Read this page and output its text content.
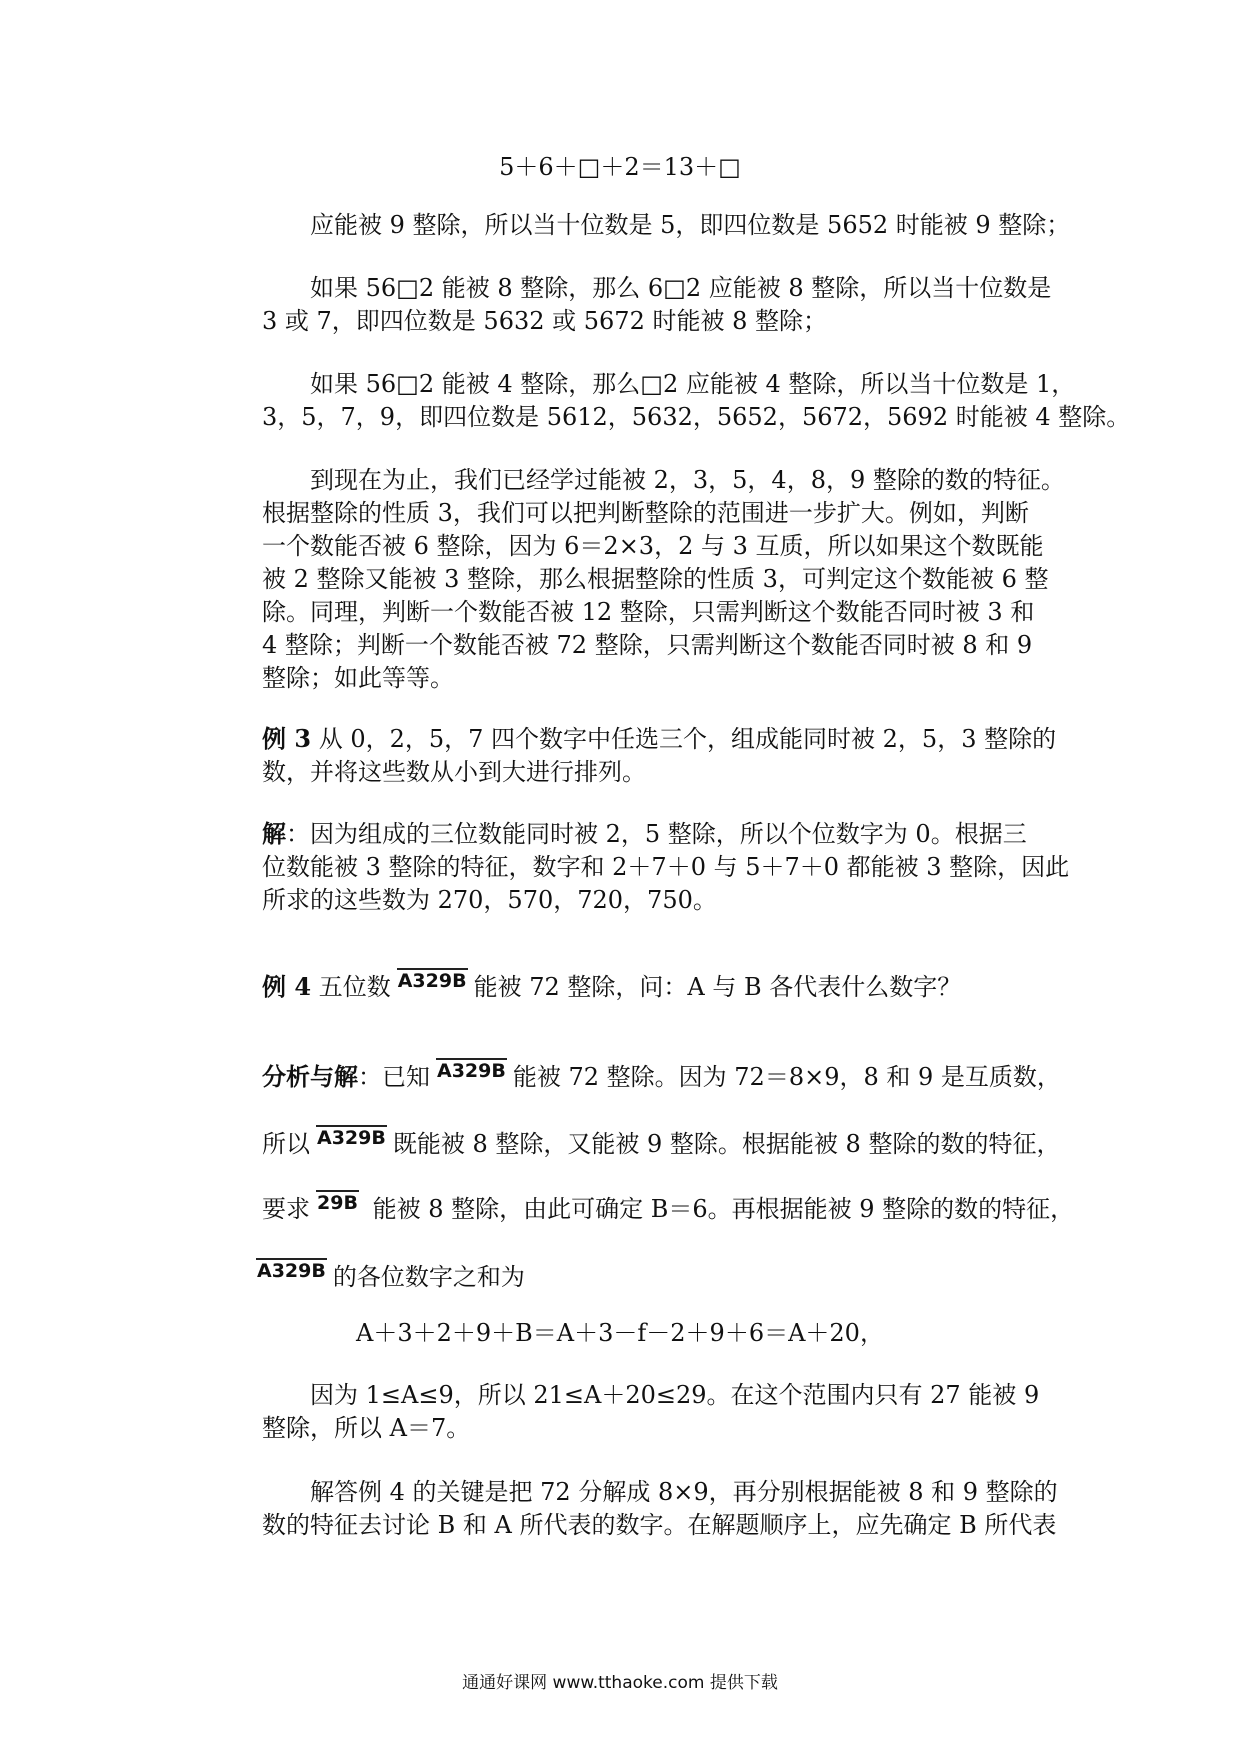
5＋6＋□＋2＝13＋□
应能被 9 整除，所以当十位数是 5，即四位数是 5652 时能被 9 整除；
如果 56□2 能被 8 整除，那么 6□2 应能被 8 整除，所以当十位数是
3 或 7，即四位数是 5632 或 5672 时能被 8 整除；
如果 56□2 能被 4 整除，那么□2 应能被 4 整除，所以当十位数是 1，
3，5，7，9，即四位数是 5612，5632，5652，5672，5692 时能被 4 整除。
到现在为止，我们已经学过能被 2，3，5，4，8，9 整除的数的特征。
根据整除的性质 3，我们可以把判断整除的范围进一步扩大。例如，判断
一个数能否被 6 整除，因为 6＝2×3，2 与 3 互质，所以如果这个数既能
被 2 整除又能被 3 整除，那么根据整除的性质 3，可判定这个数能被 6 整
除。同理，判断一个数能否被 12 整除，只需判断这个数能否同时被 3 和
4 整除；判断一个数能否被 72 整除，只需判断这个数能否同时被 8 和 9
整除；如此等等。
例 3 从 0，2，5，7 四个数字中任选三个，组成能同时被 2，5，3 整除的
数，并将这些数从小到大进行排列。
解：因为组成的三位数能同时被 2，5 整除，所以个位数字为 0。根据三
位数能被 3 整除的特征，数字和 2＋7＋0 与 5＋7＋0 都能被 3 整除，因此
所求的这些数为 270，570，720，750。
例 4 五位数 A329B 能被 72 整除，问：A 与 B 各代表什么数字？
分析与解：已知 A329B 能被 72 整除。因为 72＝8×9，8 和 9 是互质数，
所以 A329B 既能被 8 整除，又能被 9 整除。根据能被 8 整除的数的特征，
要求 29B 能被 8 整除，由此可确定 B＝6。再根据能被 9 整除的数的特征，
A329B 的各位数字之和为
A＋3＋2＋9＋B＝A＋3－f－2＋9＋6＝A＋20，
因为 1≤A≤9，所以 21≤A＋20≤29。在这个范围内只有 27 能被 9
整除，所以 A＝7。
解答例 4 的关键是把 72 分解成 8×9，再分别根据能被 8 和 9 整除的
数的特征去讨论 B 和 A 所代表的数字。在解题顺序上，应先确定 B 所代表
通通好课网 www.tthaoke.com 提供下载
